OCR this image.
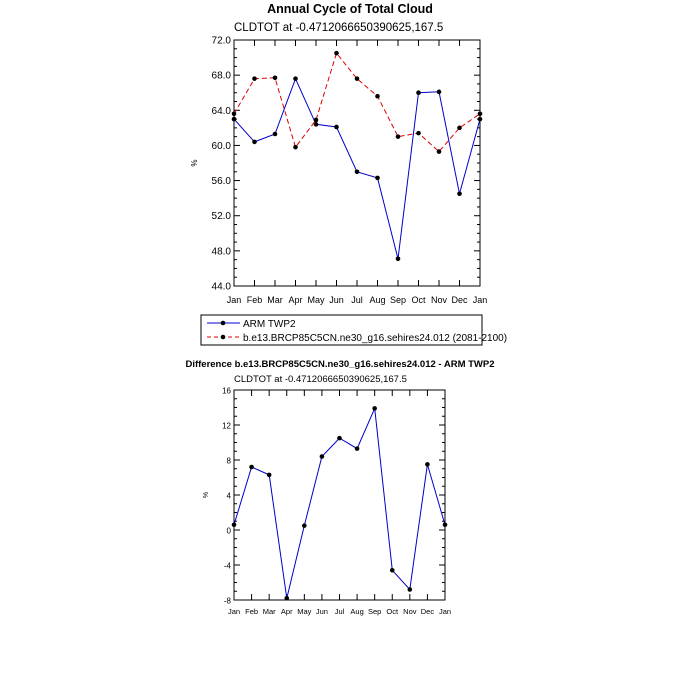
Annual Cycle of Total Cloud
CLDTOT at -0.4712066650390625,167.5
%
44.0
48.0
52.0
56.0
60.0
64.0
68.0
72.0
Jan Feb Mar Apr May Jun Jul Aug Sep Oct Nov Dec Jan
ARM TWP2
b.e13.BRCP85C5CN.ne30_g16.sehires24.012 (2081-2100)
Difference b.e13.BRCP85C5CN.ne30_g16.sehires24.012 - ARM TWP2
CLDTOT at -0.4712066650390625,167.5
%
-8
-4
0
4
8
12
16
Jan Feb Mar Apr May Jun Jul Aug Sep Oct Nov Dec Jan
